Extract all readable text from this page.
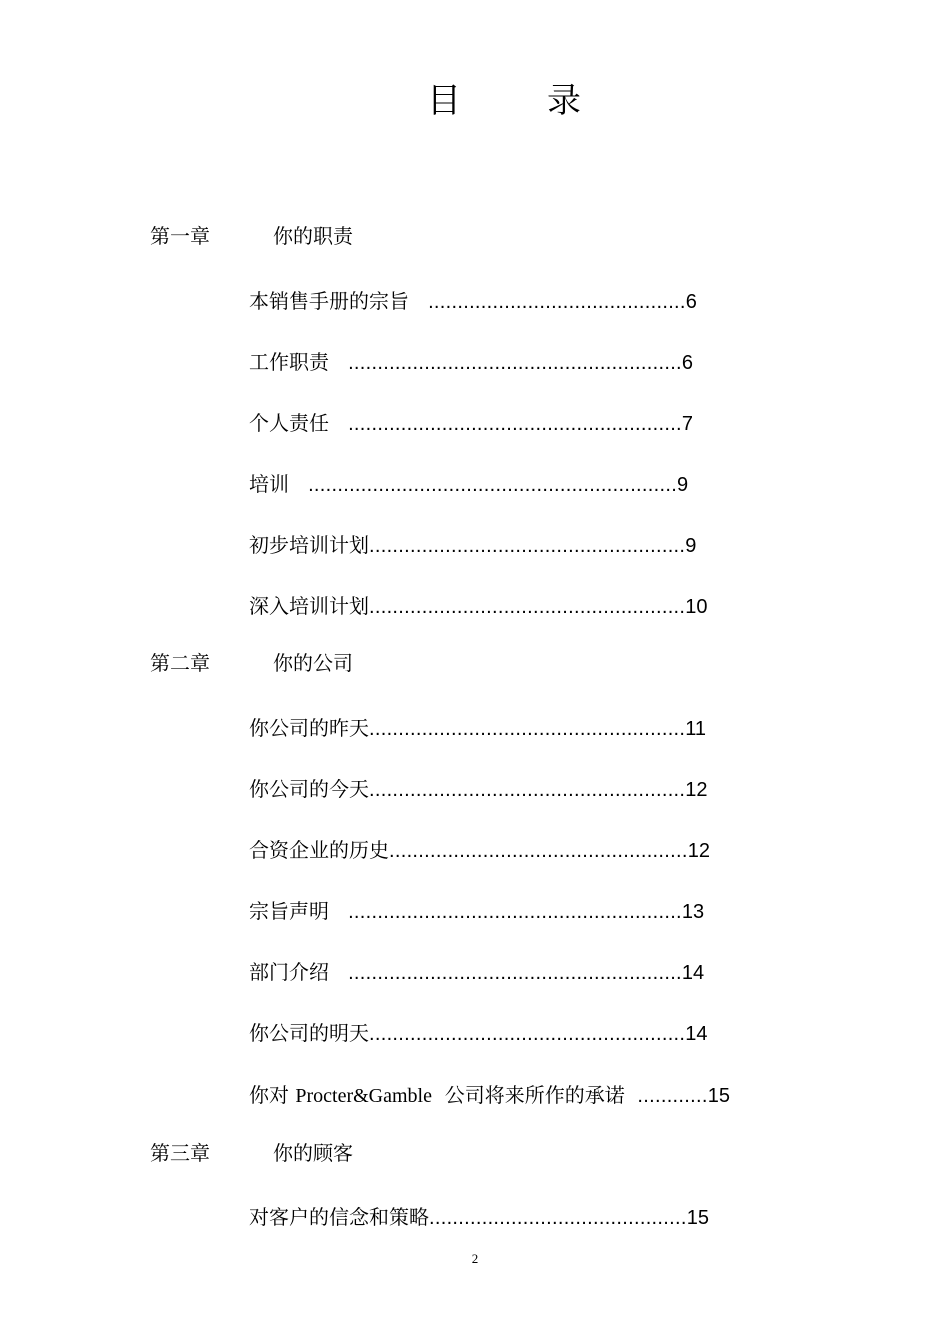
目	录
第一章	你的职责
本销售手册的宗旨 ............................................6
工作职责 .........................................................6
个人责任 .........................................................7
培训 ...............................................................9
初步培训计划......................................................9
深入培训计划......................................................10
第二章	你的公司
你公司的昨天......................................................11
你公司的今天......................................................12
合资企业的历史...................................................12
宗旨声明 .........................................................13
部门介绍 .........................................................14
你公司的明天......................................................14
你对 Procter&Gamble  公司将来所作的承诺 ............15
第三章	你的顾客
对客户的信念和策略............................................15
2
